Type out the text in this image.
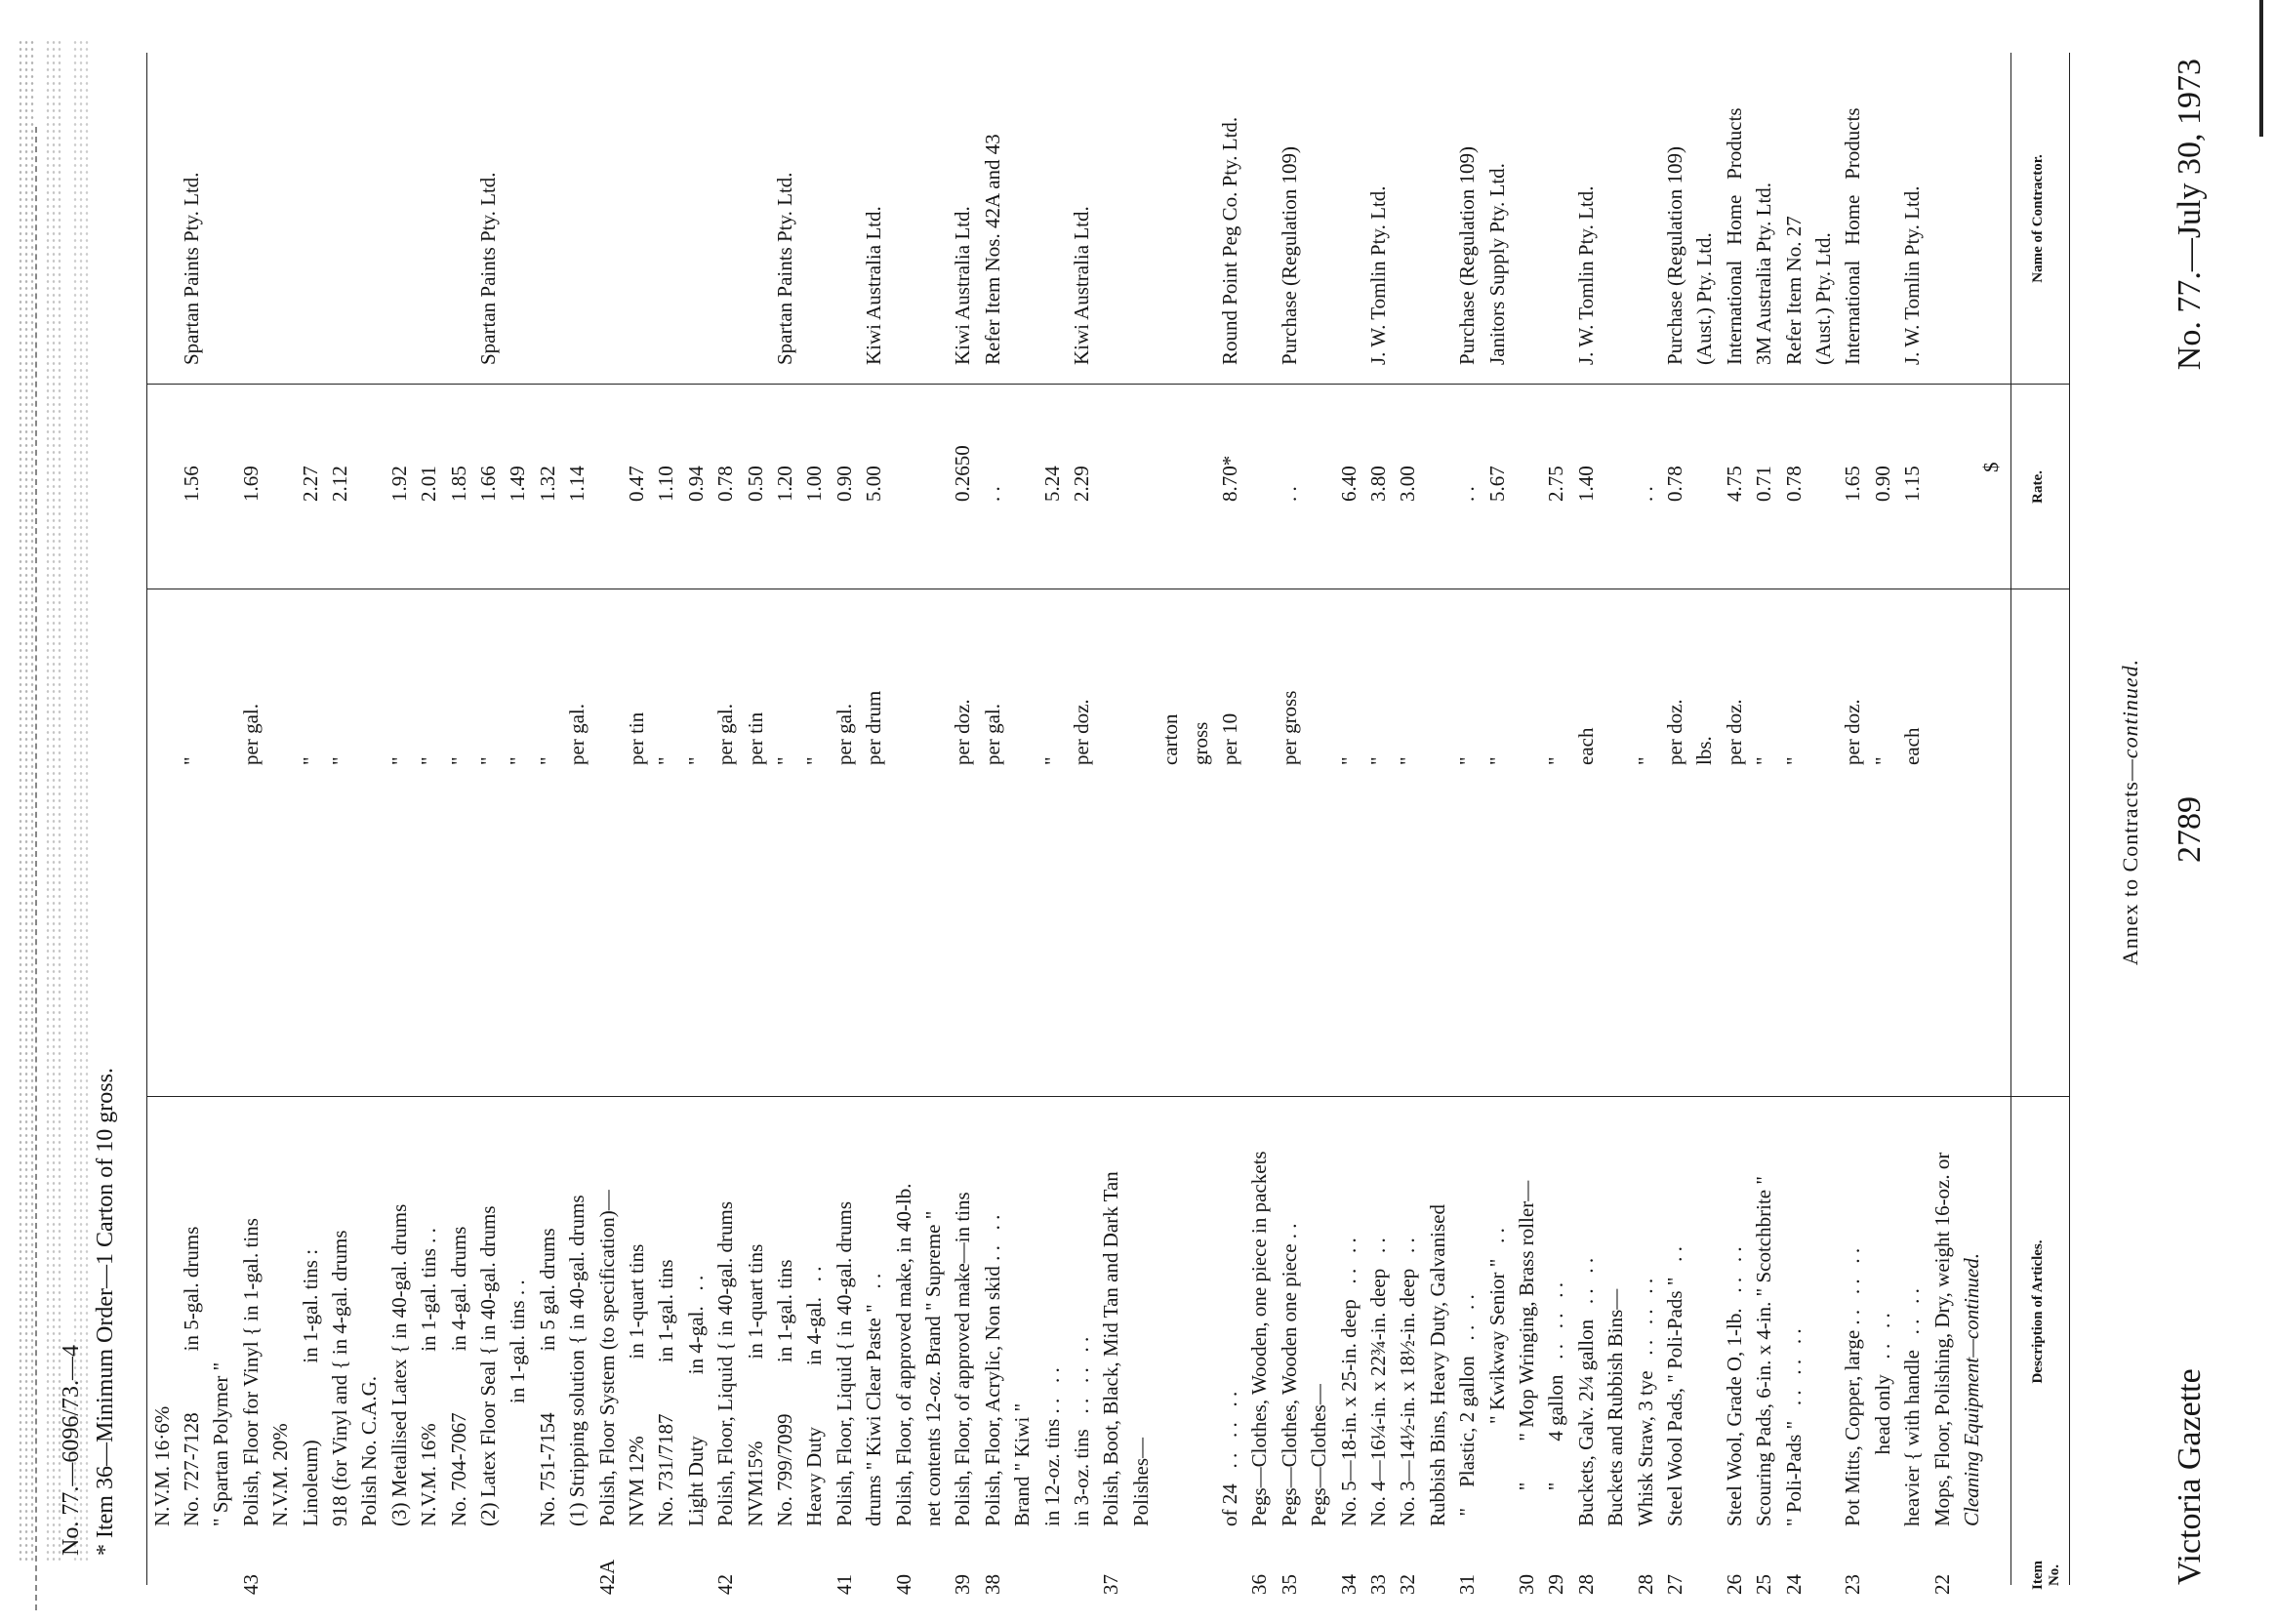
Victoria Gazette
2789
No. 77.—July 30, 1973
Annex to Contracts—continued.
Item No.
Description of Articles.
Rate.
Name of Contractor.
$
Cleaning Equipment—continued.
22
Mops, Floor, Polishing, Dry, weight 16-oz. or
heavier { with handle   . .   . .
each
1.15
J. W. Tomlin Pty. Ltd.
head only   . .   . .
"
0.90
23
Pot Mitts, Copper, large . .   . .   . .
per doz.
1.65
International   Home   Products
(Aust.) Pty. Ltd.
24
" Poli-Pads "   . .   . .   . .
"
0.78
Refer Item No. 27
25
Scouring Pads, 6-in. x 4-in. " Scotchbrite "
"
0.71
3M Australia Pty. Ltd.
26
Steel Wool, Grade O, 1-lb.   . .   . .
per doz.
4.75
International   Home   Products
lbs.
(Aust.) Pty. Ltd.
27
Steel Wool Pads, " Poli-Pads "   . .
per doz.
0.78
Purchase (Regulation 109)
28
Whisk Straw, 3 tye   . .   . .   . .
"
. .
Buckets and Rubbish Bins—
28
Buckets, Galv. 2¼ gallon   . .   . .
each
1.40
J. W. Tomlin Pty. Ltd.
29
"        4 gallon   . .   . .   . .
"
2.75
30
"        " Mop Wringing, Brass roller—
" Kwikway Senior "   . .
"
5.67
Janitors Supply Pty. Ltd.
31
"    Plastic, 2 gallon   . .   . .
"
. .
Purchase (Regulation 109)
Rubbish Bins, Heavy Duty, Galvanised
32
No. 3—14½-in. x 18½-in. deep   . .
"
3.00
33
No. 4—16¼-in. x 22¾-in. deep   . .
"
3.80
J. W. Tomlin Pty. Ltd.
34
No. 5—18-in. x 25-in. deep   . .   . .
"
6.40
Pegs—Clothes—
35
Pegs—Clothes, Wooden one piece . .
per gross
. .
Purchase (Regulation 109)
36
Pegs—Clothes, Wooden, one piece in packets
of 24   . .   . .   . .
per 10
8.70*
Round Point Peg Co. Pty. Ltd.
gross
carton
Polishes—
37
Polish, Boot, Black, Mid Tan and Dark Tan
in 3-oz. tins   . .   . .   . .
per doz.
2.29
Kiwi Australia Ltd.
in 12-oz. tins . .   . .
"
5.24
Brand " Kiwi "
38
Polish, Floor, Acrylic, Non skid . .   . .
per gal.
. .
Refer Item Nos. 42A and 43
39
Polish, Floor, of approved make—in tins
per doz.
0.2650
Kiwi Australia Ltd.
net contents 12-oz. Brand " Supreme "
40
Polish, Floor, of approved make, in 40-lb.
drums " Kiwi Clear Paste "   . .
per drum
5.00
Kiwi Australia Ltd.
41
Polish, Floor, Liquid { in 40-gal. drums
per gal.
0.90
Heavy Duty            in 4-gal.   . .
"
1.00
No. 799/7099          in 1-gal. tins
"
1.20
Spartan Paints Pty. Ltd.
NVM15%                in 1-quart tins
per tin
0.50
42
Polish, Floor, Liquid { in 40-gal. drums
per gal.
0.78
Light Duty            in 4-gal.   . .
"
0.94
No. 731/7187          in 1-gal. tins
"
1.10
NVM 12%               in 1-quart tins
per tin
0.47
42A
Polish, Floor System (to specification)—
(1) Stripping solution { in 40-gal. drums
per gal.
1.14
No. 751-7154            in 5 gal. drums
"
1.32
in 1-gal. tins . .
"
1.49
(2) Latex Floor Seal { in 40-gal. drums
"
1.66
Spartan Paints Pty. Ltd.
No. 704-7067            in 4-gal. drums
"
1.85
N.V.M. 16%              in 1-gal. tins . .
"
2.01
(3) Metallised Latex { in 40-gal. drums
"
1.92
Polish No. C.A.G.
918 (for Vinyl and { in 4-gal. drums
"
2.12
Linoleum)               in 1-gal. tins :
"
2.27
N.V.M. 20%
43
Polish, Floor for Vinyl { in 1-gal. tins
per gal.
1.69
" Spartan Polymer "
No. 727-7128            in 5-gal. drums
"
1.56
Spartan Paints Pty. Ltd.
N.V.M. 16·6%
* Item 36—Minimum Order—1 Carton of 10 gross.
No. 77.—6096/73.—4
